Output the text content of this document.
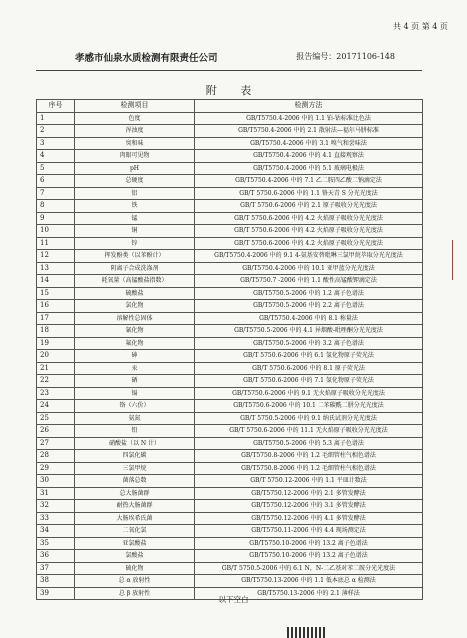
共 4 页 第 4 页
孝感市仙泉水质检测有限责任公司	报告编号：20171106-148
附 表
序号	检测项目	检测方法
1	色度	GB/T5750.4-2006 中的 1.1 铂-钴标准比色法
2	浑浊度	GB/T5750.4-2006 中的 2.1 散射法—福尔马肼标准
3	臭和味	GB/T5750.4-2006 中的 3.1 嗅气和尝味法
4	肉眼可见物	GB/T5750.4-2006 中的 4.1 直接观察法
5	pH	GB/T5750.4-2006 中的 5.1 玻璃电极法
6	总硬度	GB/T5750.4-2006 中的 7.1 乙二胺四乙酸二钠滴定法
7	铝	GB/T 5750.6-2006 中的 1.1 铬天青 S 分光光度法
8	铁	GB/T 5750.6-2006 中的 2.1 原子吸收分光光度法
9	锰	GB/T 5750.6-2006 中的 4.2 火焰原子吸收分光光度法
10	铜	GB/T 5750.6-2006 中的 4.2 火焰原子吸收分光光度法
11	锌	GB/T 5750.6-2006 中的 4.2 火焰原子吸收分光光度法
12	挥发酚类（以苯酚计）	GB/T5750.4-2006 中的 9.1 4-氨基安替吡啉三氯甲烷萃取分光光度法
13	阴离子合成洗涤剂	GB/T5750.4-2006 中的 10.1 亚甲蓝分光光度法
14	耗氧量（高锰酸盐指数）	GB/T5750.7 -2006 中的 1.1 酸性高锰酸钾滴定法
15	硫酸盐	GB/T5750.5-2006 中的 1.2 离子色谱法
16	氯化物	GB/T5750.5-2006 中的 2.2 离子色谱法
17	溶解性总固体	GB/T5750.4-2006 中的 8.1 称量法
18	氰化物	GB/T5750.5-2006 中的 4.1 异烟酸-吡唑酮分光光度法
19	氟化物	GB/T5750.5-2006 中的 3.2 离子色谱法
20	砷	GB/T 5750.6-2006 中的 6.1 氢化物原子荧光法
21	汞	GB/T 5750.6-2006 中的 8.1 原子荧光法
22	硒	GB/T 5750.6-2006 中的 7.1 氢化物原子荧光法
23	镉	GB/T5750.6-2006 中的 9.1 无火焰原子吸收分光光度法
24	铬（六价）	GB/T5750.6-2006 中的 10.1 二苯碳酰二肼分光光度法
25	氨氮	GB/T 5750.5-2006 中的 9.1 纳氏试剂分光光度法
26	铅	GB/T 5750.6-2006 中的 11.1 无火焰原子吸收分光光度法
27	硝酸盐（以 N 计）	GB/T5750.5-2006 中的 5.3 离子色谱法
28	四氯化碳	GB/T5750.8-2006 中的 1.2 毛细管柱气相色谱法
29	三氯甲烷	GB/T5750.8-2006 中的 1.2 毛细管柱气相色谱法
30	菌落总数	GB/T 5750.12-2006 中的 1.1 平皿计数法
31	总大肠菌群	GB/T5750.12-2006 中的 2.1 多管发酵法
32	耐热大肠菌群	GB/T5750.12-2006 中的 3.1 多管发酵法
33	大肠埃希氏菌	GB/T5750.12-2006 中的 4.1 多管发酵法
34	二氧化氯	GB/T5750.11-2006 中的 4.4 现场测定法
35	亚氯酸盐	GB/T5750.10-2006 中的 13.2 离子色谱法
36	氯酸盐	GB/T5750.10-2006 中的 13.2 离子色谱法
37	硫化物	GB/T 5750.5-2006 中的 6.1 N，N-二乙基对苯二胺分光光度法
38	总 α 放射性	GB/T5750.13-2006 中的 1.1 低本底总 α 检测法
39	总 β 放射性	GB/T5750.13-2006 中的 2.1 薄样法
以下空白
